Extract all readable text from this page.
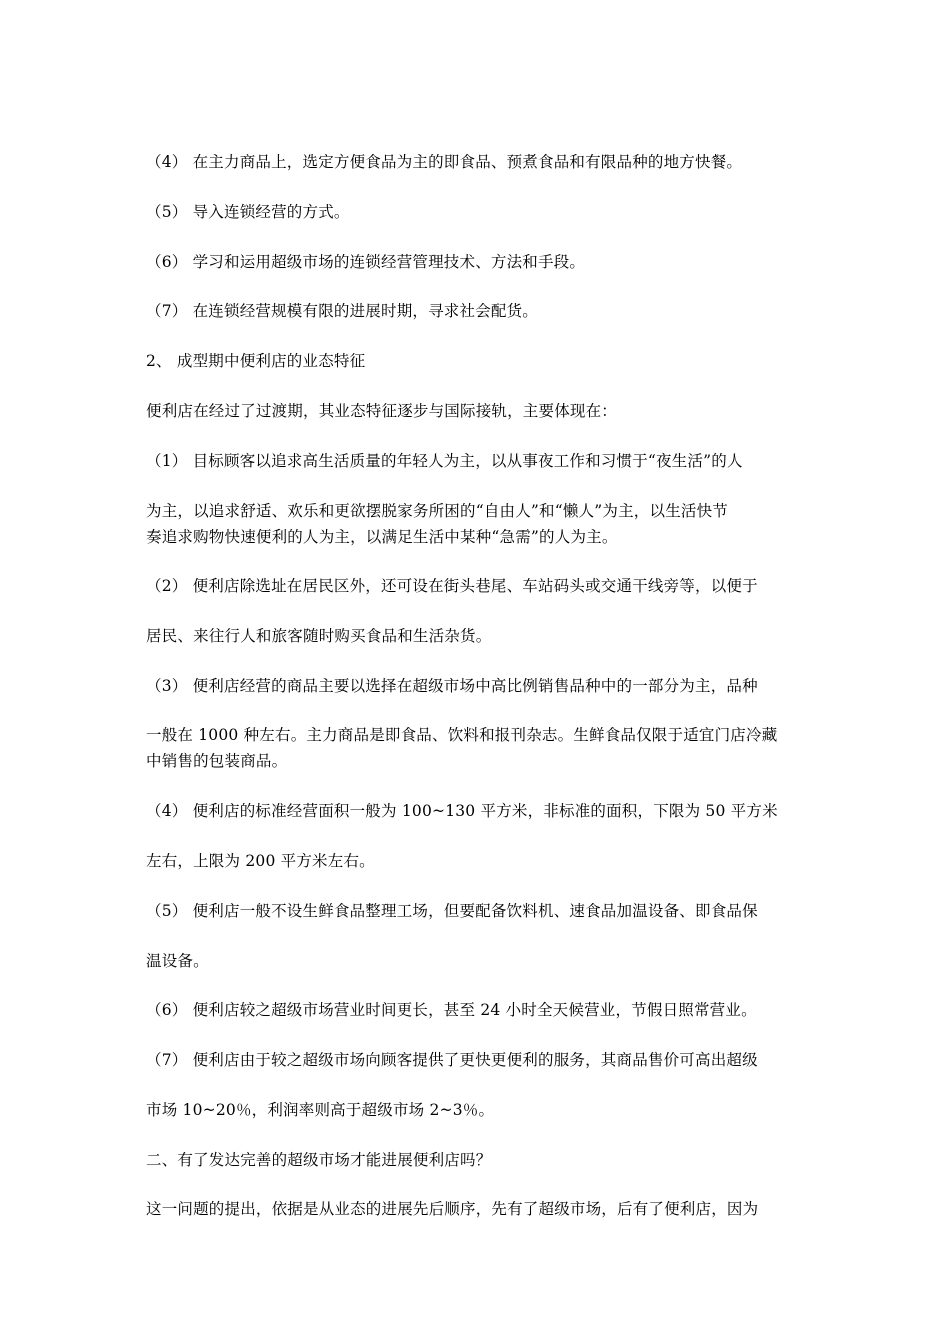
（4） 在主力商品上，选定方便食品为主的即食品、预煮食品和有限品种的地方快餐。
（5） 导入连锁经营的方式。
（6） 学习和运用超级市场的连锁经营管理技术、方法和手段。
（7） 在连锁经营规模有限的进展时期，寻求社会配货。
2、 成型期中便利店的业态特征
便利店在经过了过渡期，其业态特征逐步与国际接轨，主要体现在：
（1） 目标顾客以追求高生活质量的年轻人为主，以从事夜工作和习惯于“夜生活”的人
为主，以追求舒适、欢乐和更欲摆脱家务所困的“自由人”和“懒人”为主，以生活快节
奏追求购物快速便利的人为主，以满足生活中某种“急需”的人为主。
（2） 便利店除选址在居民区外，还可设在街头巷尾、车站码头或交通干线旁等，以便于
居民、来往行人和旅客随时购买食品和生活杂货。
（3） 便利店经营的商品主要以选择在超级市场中高比例销售品种中的一部分为主，品种
一般在 1000 种左右。主力商品是即食品、饮料和报刊杂志。生鲜食品仅限于适宜门店冷藏
中销售的包装商品。
（4） 便利店的标准经营面积一般为 100~130 平方米，非标准的面积，下限为 50 平方米
左右，上限为 200 平方米左右。
（5） 便利店一般不设生鲜食品整理工场，但要配备饮料机、速食品加温设备、即食品保
温设备。
（6） 便利店较之超级市场营业时间更长，甚至 24 小时全天候营业，节假日照常营业。
（7） 便利店由于较之超级市场向顾客提供了更快更便利的服务，其商品售价可高出超级
市场 10~20％，利润率则高于超级市场 2~3％。
二、有了发达完善的超级市场才能进展便利店吗？
这一问题的提出，依据是从业态的进展先后顺序，先有了超级市场，后有了便利店，因为
